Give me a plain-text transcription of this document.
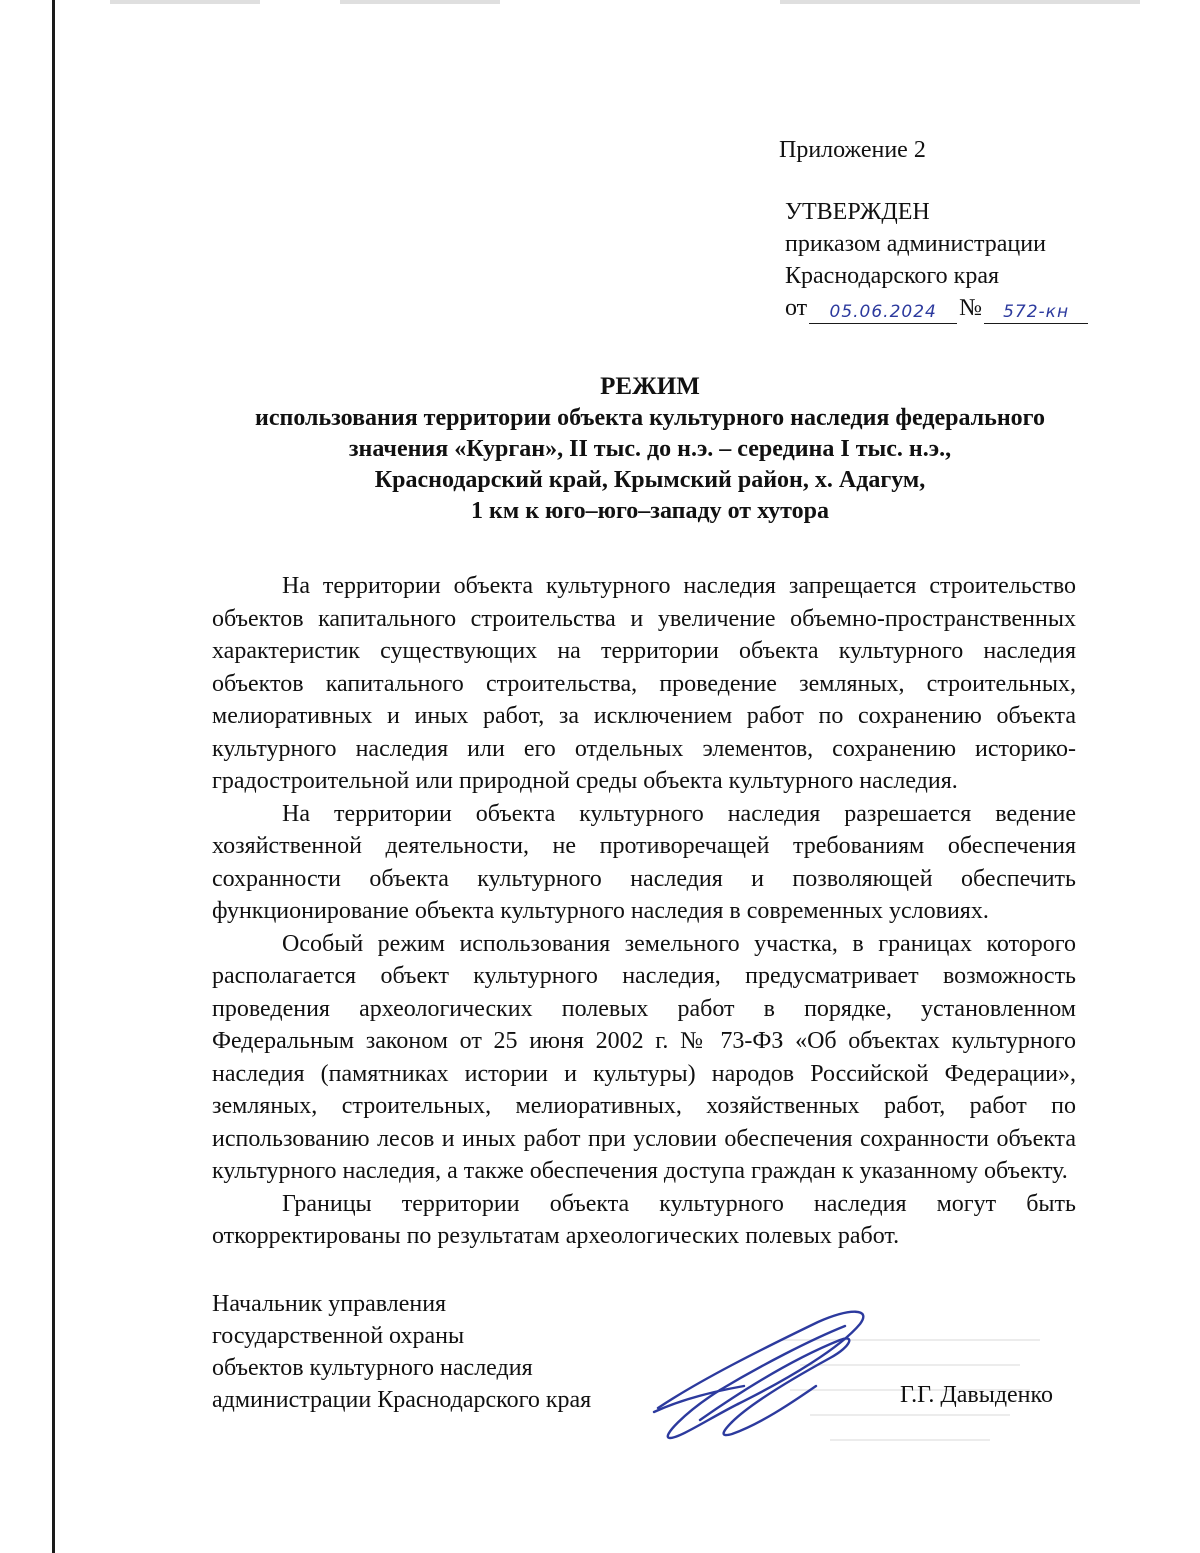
Приложение 2
УТВЕРЖДЕН
приказом администрации
Краснодарского края
от	05.06.2024 №	572-кн
РЕЖИМ
использования территории объекта культурного наследия федерального
значения «Курган», II тыс. до н.э. – середина I тыс. н.э.,
Краснодарский край, Крымский район, х. Адагум,
1 км к юго–юго–западу от хутора

На территории объекта культурного наследия запрещается строительство объектов капитального строительства и увеличение объемно-пространственных характеристик существующих на территории объекта культурного наследия объектов капитального строительства, проведение земляных, строительных, мелиоративных и иных работ, за исключением работ по сохранению объекта культурного наследия или его отдельных элементов, сохранению историко-градостроительной или природной среды объекта культурного наследия.

На территории объекта культурного наследия разрешается ведение хозяйственной деятельности, не противоречащей требованиям обеспечения сохранности объекта культурного наследия и позволяющей обеспечить функционирование объекта культурного наследия в современных условиях.

Особый режим использования земельного участка, в границах которого располагается объект культурного наследия, предусматривает возможность проведения археологических полевых работ в порядке, установленном Федеральным законом от 25 июня 2002 г. № 73-ФЗ «Об объектах культурного наследия (памятниках истории и культуры) народов Российской Федерации», земляных, строительных, мелиоративных, хозяйственных работ, работ по использованию лесов и иных работ при условии обеспечения сохранности объекта культурного наследия, а также обеспечения доступа граждан к указанному объекту.

Границы территории объекта культурного наследия могут быть откорректированы по результатам археологических полевых работ.

Начальник управления
государственной охраны
объектов культурного наследия
администрации Краснодарского края	Г.Г. Давыденко
